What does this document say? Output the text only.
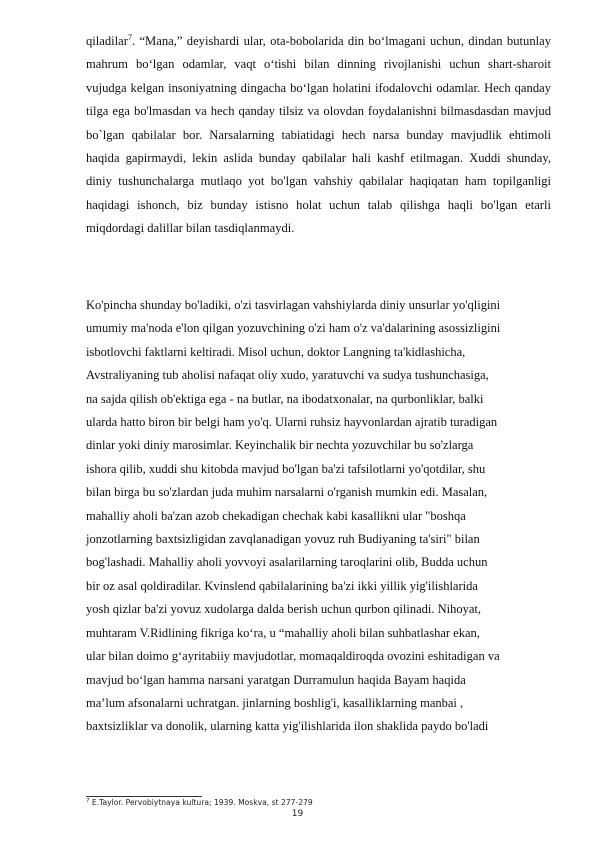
qiladilar$^7$. “Mana,” deyishardi ular, ota-bobolarida din bo‘lmagani uchun, dindan butunlay mahrum bo‘lgan odamlar, vaqt o‘tishi bilan dinning rivojlanishi uchun shart-sharoit vujudga kelgan insoniyatning dingacha bo‘lgan holatini ifodalovchi odamlar. Hech qanday tilga ega bo'lmasdan va hech qanday tilsiz va olovdan foydalanishni bilmasdasdan mavjud bo`lgan qabilalar bor. Narsalarning tabiatidagi hech narsa bunday mavjudlik ehtimoli haqida gapirmaydi, lekin aslida bunday qabilalar hali kashf etilmagan. Xuddi shunday, diniy tushunchalarga mutlaqo yot bo'lgan vahshiy qabilalar haqiqatan ham topilganligi haqidagi ishonch, biz bunday istisno holat uchun talab qilishga haqli bo'lgan etarli miqdordagi dalillar bilan tasdiqlanmaydi.
Ko'pincha shunday bo'ladiki, o'zi tasvirlagan vahshiylarda diniy unsurlar yo'qligini
umumiy ma'noda e'lon qilgan yozuvchining o'zi ham o'z va'dalarining asossizligini
isbotlovchi faktlarni keltiradi. Misol uchun, doktor Langning ta'kidlashicha,
Avstraliyaning tub aholisi nafaqat oliy xudo, yaratuvchi va sudya tushunchasiga,
na sajda qilish ob'ektiga ega - na butlar, na ibodatxonalar, na qurbonliklar, balki
ularda hatto biron bir belgi ham yo'q. Ularni ruhsiz hayvonlardan ajratib turadigan
dinlar yoki diniy marosimlar. Keyinchalik bir nechta yozuvchilar bu so'zlarga
ishora qilib, xuddi shu kitobda mavjud bo'lgan ba'zi tafsilotlarni yo'qotdilar, shu
bilan birga bu so'zlardan juda muhim narsalarni o'rganish mumkin edi. Masalan,
mahalliy aholi ba'zan azob chekadigan chechak kabi kasallikni ular "boshqa
jonzotlarning baxtsizligidan zavqlanadigan yovuz ruh Budiyaning ta'siri" bilan
bog'lashadi. Mahalliy aholi yovvoyi asalarilarning taroqlarini olib, Budda uchun
bir oz asal qoldiradilar. Kvinslend qabilalarining ba'zi ikki yillik yig'ilishlarida
yosh qizlar ba'zi yovuz xudolarga dalda berish uchun qurbon qilinadi. Nihoyat,
muhtaram V.Ridlining fikriga ko‘ra, u “mahalliy aholi bilan suhbatlashar ekan,
ular bilan doimo g‘ayritabiiy mavjudotlar, momaqaldiroqda ovozini eshitadigan va
mavjud bo‘lgan hamma narsani yaratgan Durramulun haqida Bayam haqida
ma’lum afsonalarni uchratgan. jinlarning boshlig'i, kasalliklarning manbai ,
baxtsizliklar va donolik, ularning katta yig'ilishlarida ilon shaklida paydo bo'ladi
$^7$ E.Taylor. Pervobiytnaya kultura; 1939. Moskva, st 277-279
19
